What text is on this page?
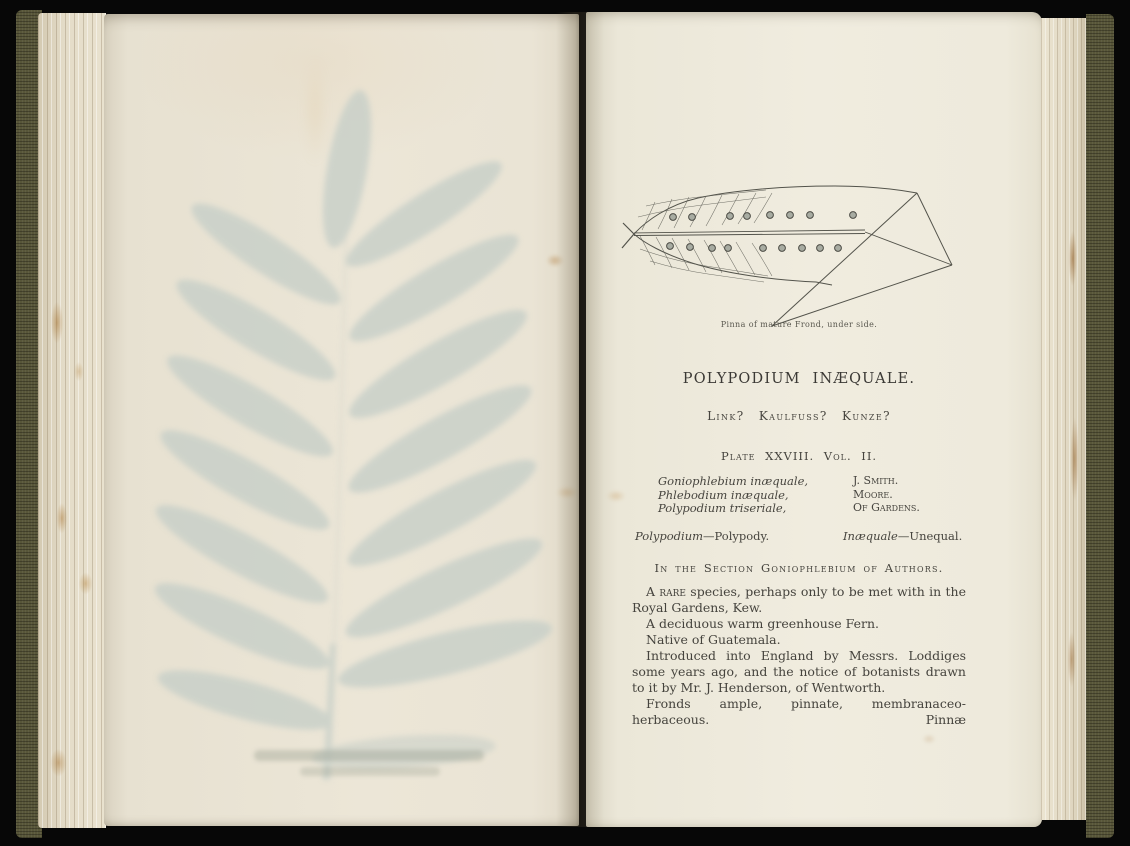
Pinna of mature Frond, under side.
POLYPODIUM INÆQUALE.
Link? Kaulfuss? Kunze?
Plate XXVIII. Vol. II.
Goniophlebium inæquale,	J. Smith.
Phlebodium inæquale,	Moore.
Polypodium triseriale,	Of Gardens.
Polypodium—Polypody.	Inæquale—Unequal.
In the Section Goniophlebium of Authors.

A rare species, perhaps only to be met with in the Royal Gardens, Kew.

A deciduous warm greenhouse Fern.

Native of Guatemala.

Introduced into England by Messrs. Loddiges some years ago, and the notice of botanists drawn to it by Mr. J. Henderson, of Wentworth.

Fronds ample, pinnate, membranaceo-herbaceous. Pinnæ
